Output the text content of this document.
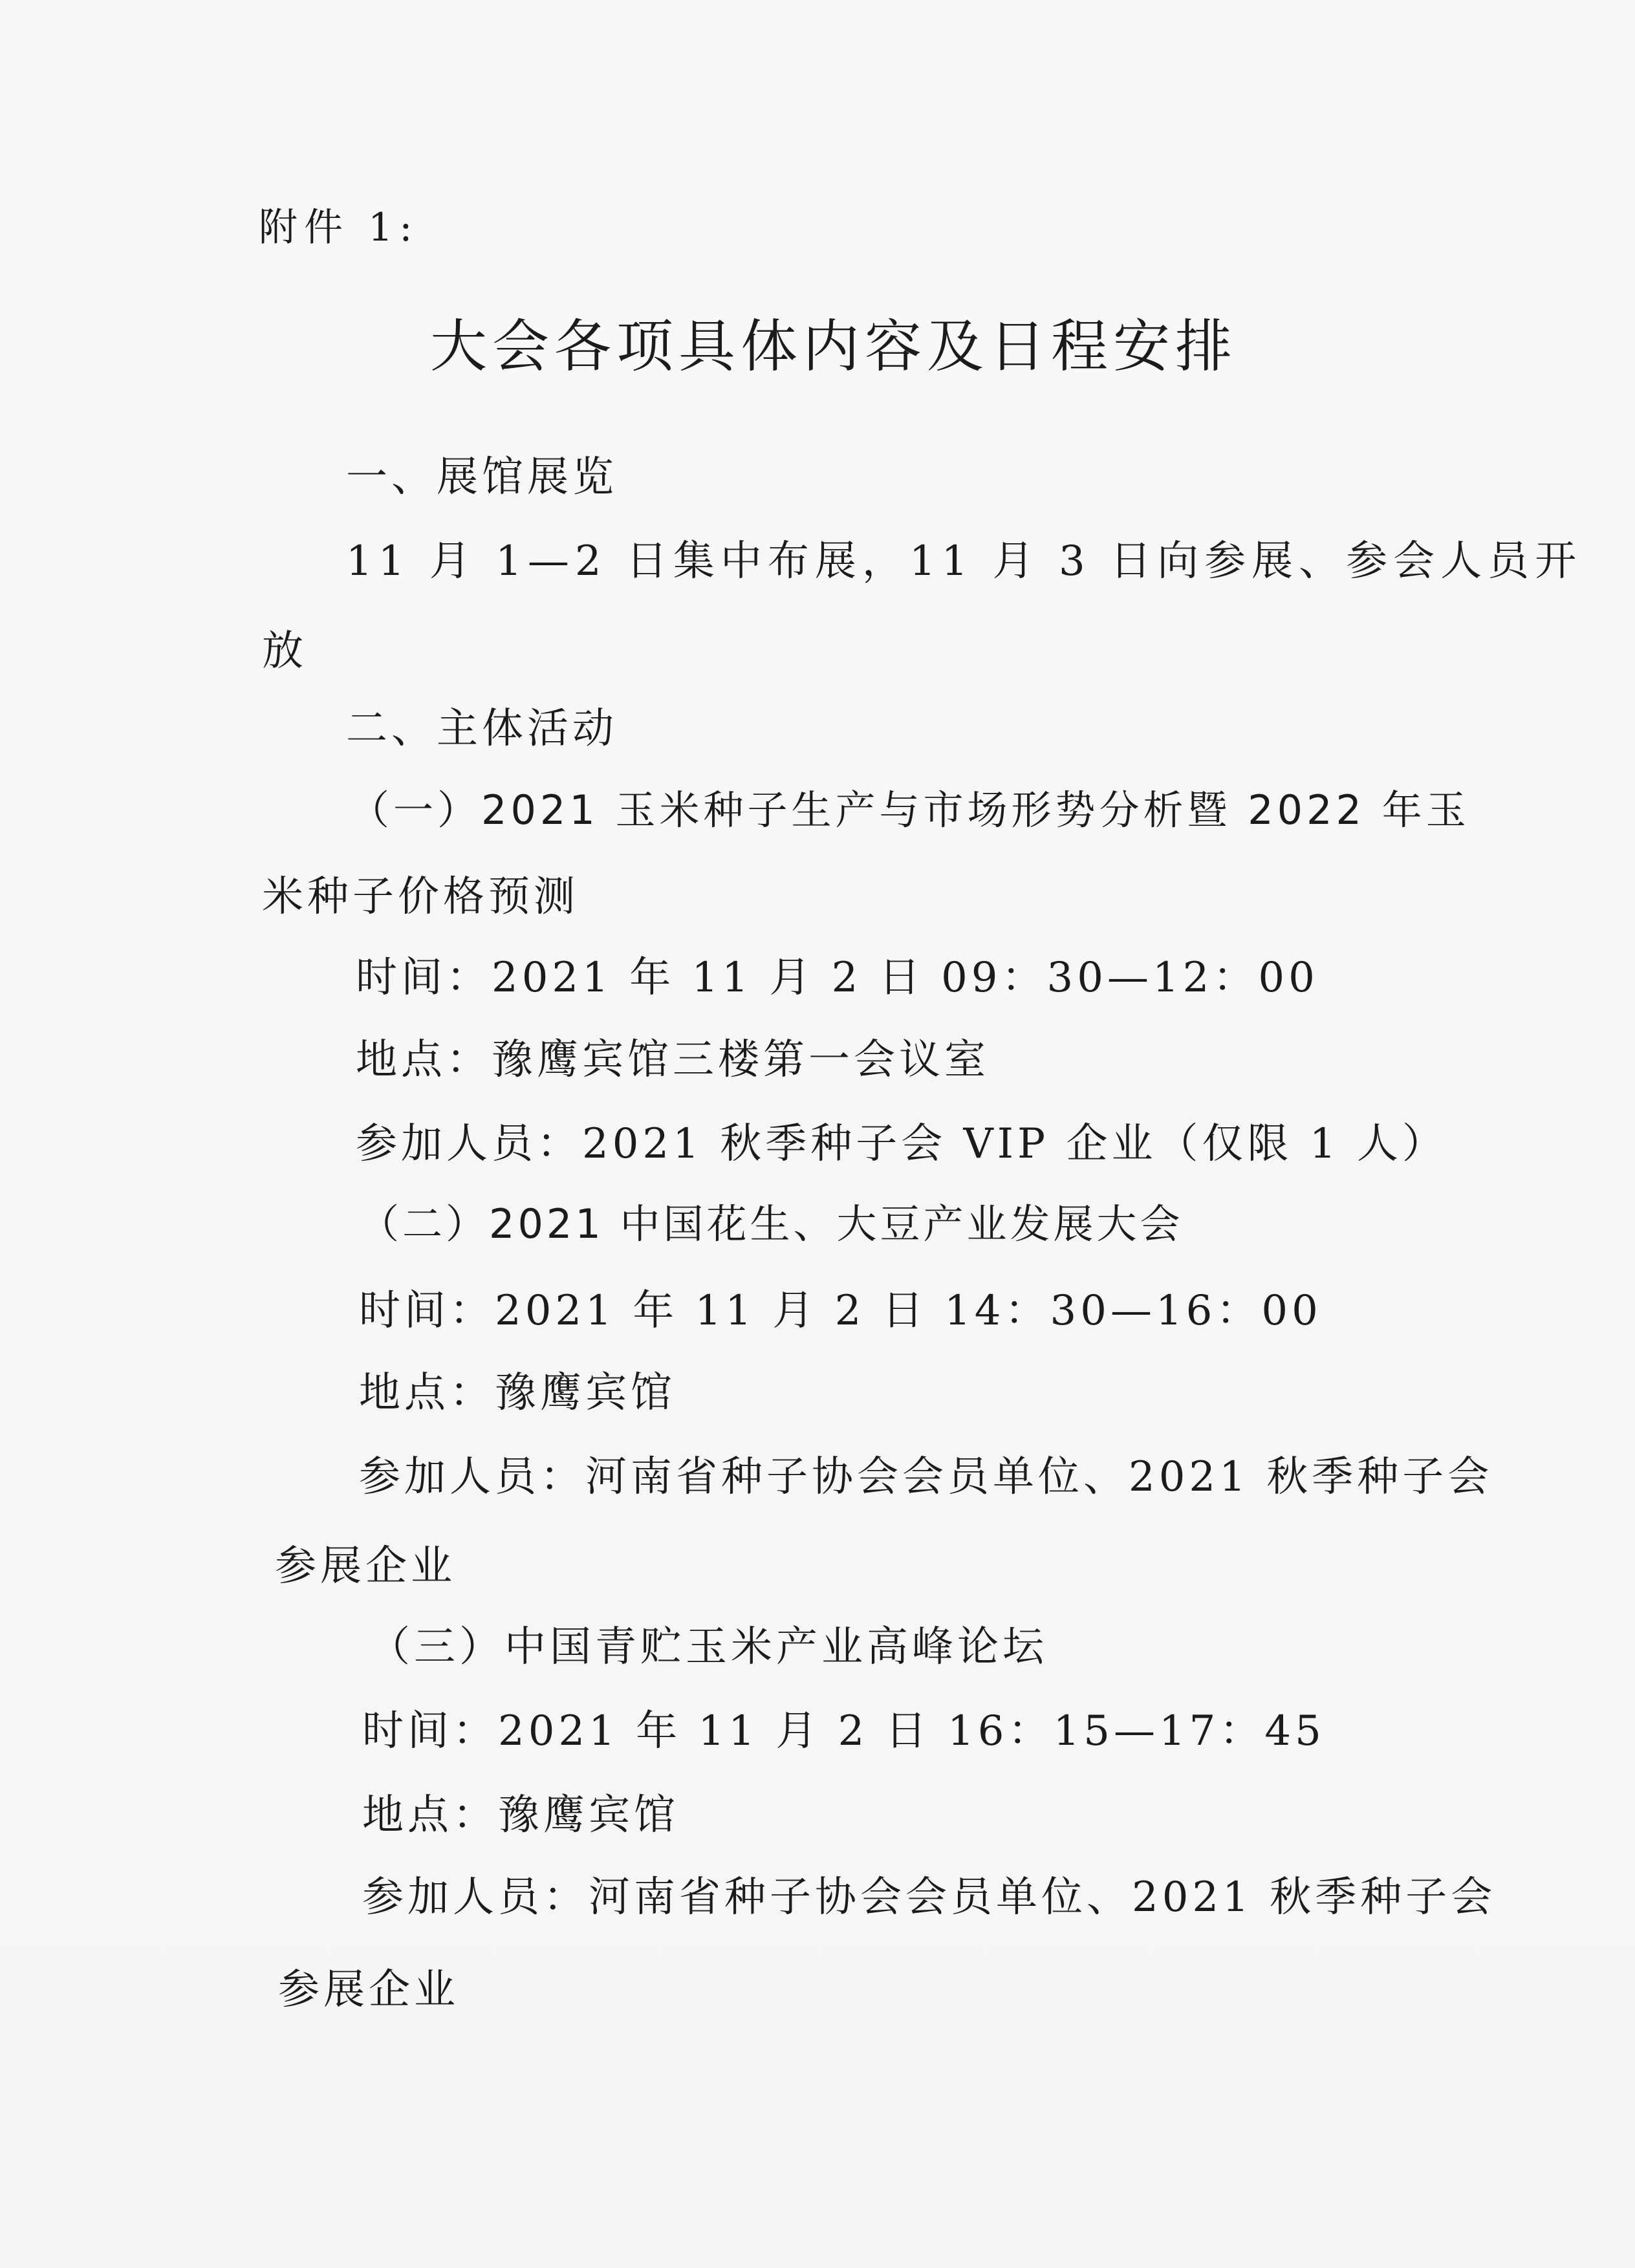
附件 1:
大会各项具体内容及日程安排
一、展馆展览
11 月 1—2 日集中布展，11 月 3 日向参展、参会人员开
放
二、主体活动
（一）2021 玉米种子生产与市场形势分析暨 2022 年玉
米种子价格预测
时间：2021 年 11 月 2 日 09：30—12：00
地点：豫鹰宾馆三楼第一会议室
参加人员：2021 秋季种子会 VIP 企业（仅限 1 人）
（二）2021 中国花生、大豆产业发展大会
时间：2021 年 11 月 2 日 14：30—16：00
地点：豫鹰宾馆
参加人员：河南省种子协会会员单位、2021 秋季种子会
参展企业
（三）中国青贮玉米产业高峰论坛
时间：2021 年 11 月 2 日 16：15—17：45
地点：豫鹰宾馆
参加人员：河南省种子协会会员单位、2021 秋季种子会
参展企业
